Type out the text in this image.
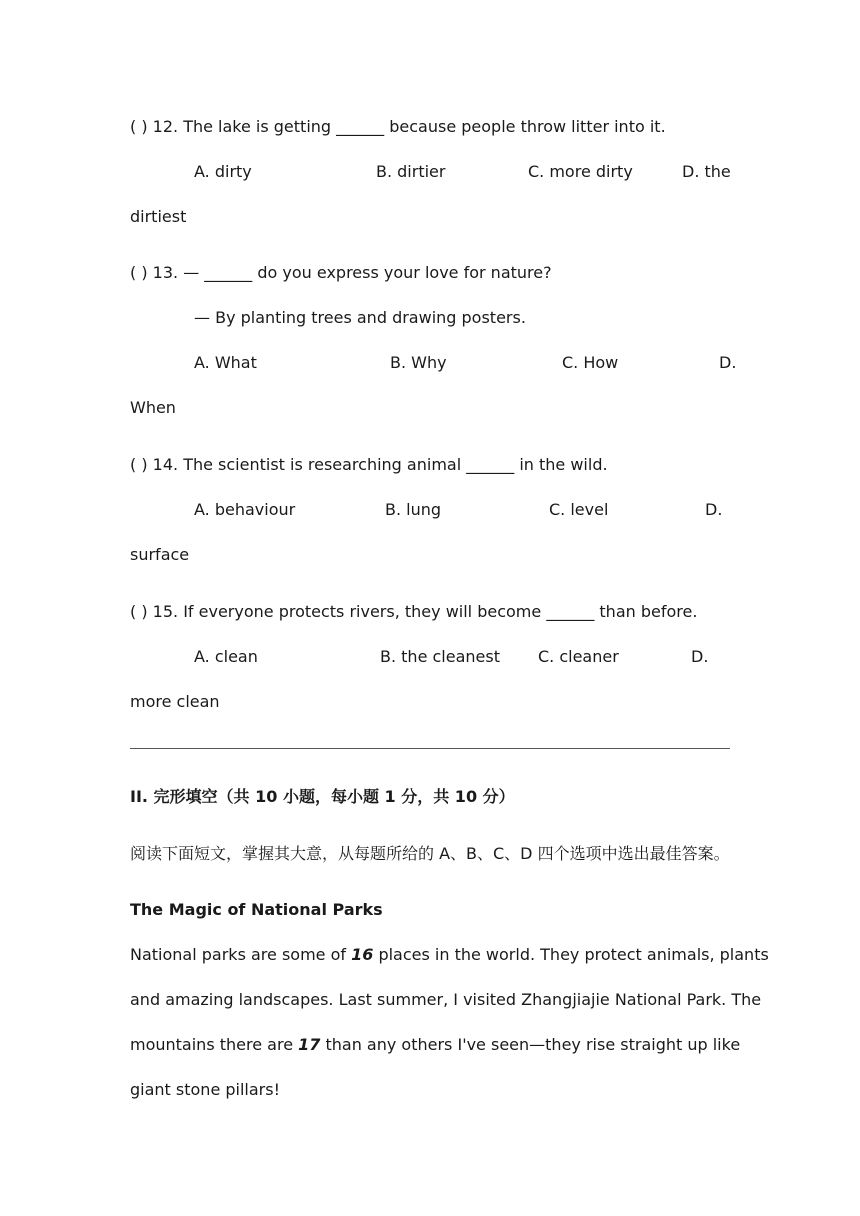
( ) 12. The lake is getting ______ because people throw litter into it.
A. dirty	B. dirtier	C. more dirty	D. the
dirtiest
( ) 13. — ______ do you express your love for nature?
— By planting trees and drawing posters.
A. What	B. Why	C. How	D.
When
( ) 14. The scientist is researching animal ______ in the wild.
A. behaviour	B. lung	C. level	D.
surface
( ) 15. If everyone protects rivers, they will become ______ than before.
A. clean	B. the cleanest C. cleaner	D.
more clean
II. 完形填空（共 10 小题，每小题 1 分，共 10 分）
阅读下面短文，掌握其大意，从每题所给的 A、B、C、D 四个选项中选出最佳答案。
The Magic of National Parks
National parks are some of 16 places in the world. They protect animals, plants
and amazing landscapes. Last summer, I visited Zhangjiajie National Park. The
mountains there are 17 than any others I've seen—they rise straight up like
giant stone pillars!
